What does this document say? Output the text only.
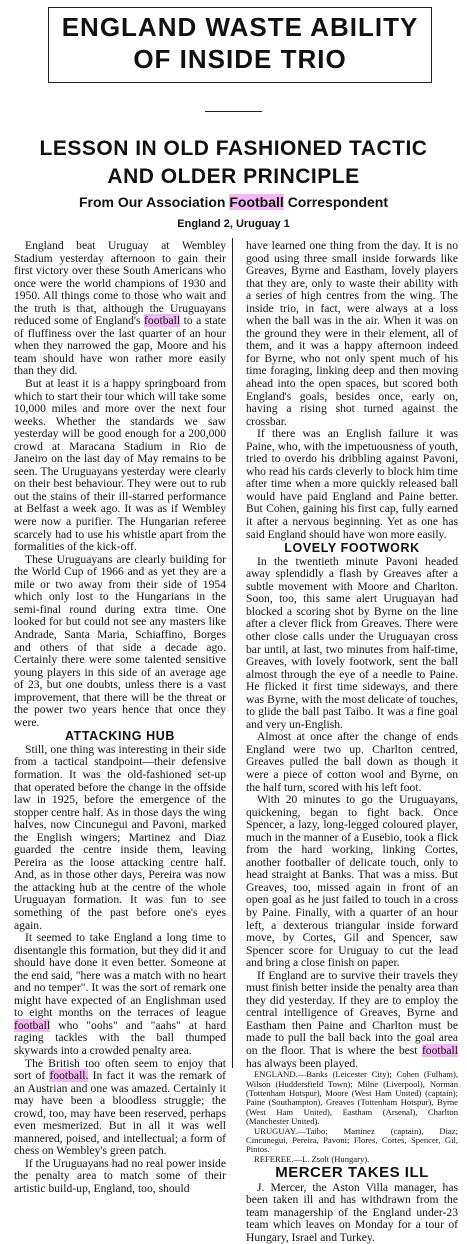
ENGLAND WASTE ABILITY
OF INSIDE TRIO
LESSON IN OLD FASHIONED TACTIC
AND OLDER PRINCIPLE
From Our Association Football Correspondent
England 2, Uruguay 1

England beat Uruguay at Wembley Stadium yesterday afternoon to gain their first victory over these South Americans who once were the world champions of 1930 and 1950. All things come to those who wait and the truth is that, although the Uruguayans reduced some of England's football to a state of fluffiness over the last quarter of an hour when they narrowed the gap, Moore and his team should have won rather more easily than they did.

But at least it is a happy springboard from which to start their tour which will take some 10,000 miles and more over the next four weeks. Whether the standards we saw yesterday will be good enough for a 200,000 crowd at Maracana Stadium in Rio de Janeiro on the last day of May remains to be seen. The Uruguayans yesterday were clearly on their best behaviour. They were out to rub out the stains of their ill-starred performance at Belfast a week ago. It was as if Wembley were now a purifier. The Hungarian referee scarcely had to use his whistle apart from the formalities of the kick-off.

These Uruguayans are clearly building for the World Cup of 1966 and as yet they are a mile or two away from their side of 1954 which only lost to the Hungarians in the semi-final round during extra time. One looked for but could not see any masters like Andrade, Santa Maria, Schiaffino, Borges and others of that side a decade ago. Certainly there were some talented sensitive young players in this side of an average age of 23, but one doubts, unless there is a vast improvement, that there will be the threat or the power two years hence that once they were.

ATTACKING HUB

Still, one thing was interesting in their side from a tactical standpoint—their defensive formation. It was the old-fashioned set-up that operated before the change in the offside law in 1925, before the emergence of the stopper centre half. As in those days the wing halves, now Cincunegui and Pavoni, marked the English wingers; Martinez and Diaz guarded the centre inside them, leaving Pereira as the loose attacking centre half. And, as in those other days, Pereira was now the attacking hub at the centre of the whole Uruguayan formation. It was fun to see something of the past before one's eyes again.

It seemed to take England a long time to disentangle this formation, but they did it and should have done it even better. Someone at the end said, "here was a match with no heart and no temper". It was the sort of remark one might have expected of an Englishman used to eight months on the terraces of league football who "oohs" and "aahs" at hard raging tackles with the ball thumped skywards into a crowded penalty area.

The British too often seem to enjoy that sort of football. In fact it was the remark of an Austrian and one was amazed. Certainly it may have been a bloodless struggle; the crowd, too, may have been reserved, perhaps even mesmerized. But in all it was well mannered, poised, and intellectual; a form of chess on Wembley's green patch.

If the Uruguayans had no real power inside the penalty area to match some of their artistic build-up, England, too, should

have learned one thing from the day. It is no good using three small inside forwards like Greaves, Byrne and Eastham, lovely players that they are, only to waste their ability with a series of high centres from the wing. The inside trio, in fact, were always at a loss when the ball was in the air. When it was on the ground they were in their element, all of them, and it was a happy afternoon indeed for Byrne, who not only spent much of his time foraging, linking deep and then moving ahead into the open spaces, but scored both England's goals, besides once, early on, having a rising shot turned against the crossbar.

If there was an English failure it was Paine, who, with the impetuousness of youth, tried to overdo his dribbling against Pavoni, who read his cards cleverly to block him time after time when a more quickly released ball would have paid England and Paine better. But Cohen, gaining his first cap, fully earned it after a nervous beginning. Yet as one has said England should have won more easily.

LOVELY FOOTWORK

In the twentieth minute Pavoni headed away splendidly a flash by Greaves after a subtle movement with Moore and Charlton. Soon, too, this same alert Uruguayan had blocked a scoring shot by Byrne on the line after a clever flick from Greaves. There were other close calls under the Uruguayan cross bar until, at last, two minutes from half-time, Greaves, with lovely footwork, sent the ball almost through the eye of a needle to Paine. He flicked it first time sideways, and there was Byrne, with the most delicate of touches, to glide the ball past Taibo. It was a fine goal and very un-English.

Almost at once after the change of ends England were two up. Charlton centred, Greaves pulled the ball down as though it were a piece of cotton wool and Byrne, on the half turn, scored with his left foot.

With 20 minutes to go the Uruguayans, quickening, began to fight back. Once Spencer, a lazy, long-legged coloured player, much in the manner of a Eusebio, took a flick from the hard working, linking Cortes, another footballer of delicate touch, only to head straight at Banks. That was a miss. But Greaves, too, missed again in front of an open goal as he just failed to touch in a cross by Paine. Finally, with a quarter of an hour left, a dexterous triangular inside forward move, by Cortes, Gil and Spencer, saw Spencer score for Uruguay to cut the lead and bring a close finish on paper.

If England are to survive their travels they must finish better inside the penalty area than they did yesterday. If they are to employ the central intelligence of Greaves, Byrne and Eastham then Paine and Charlton must be made to pull the ball back into the goal area on the floor. That is where the best football has always been played.

ENGLAND.—Banks (Leicester City); Cohen (Fulham), Wilson (Huddersfield Town); Milne (Liverpool), Norman (Tottenham Hotspur), Moore (West Ham United) (captain); Paine (Southampton), Greaves (Tottenham Hotspur), Byrne (West Ham United), Eastham (Arsenal), Charlton (Manchester United).

URUGUAY.—Taibo; Martinez (captain), Diaz; Cincunegui, Pereira, Pavoni; Flores, Cortes, Spencer, Gil, Pintos.

REFEREE.—L. Zsolt (Hungary).

MERCER TAKES ILL

J. Mercer, the Aston Villa manager, has been taken ill and has withdrawn from the team managership of the England under-23 team which leaves on Monday for a tour of Hungary, Israel and Turkey.
